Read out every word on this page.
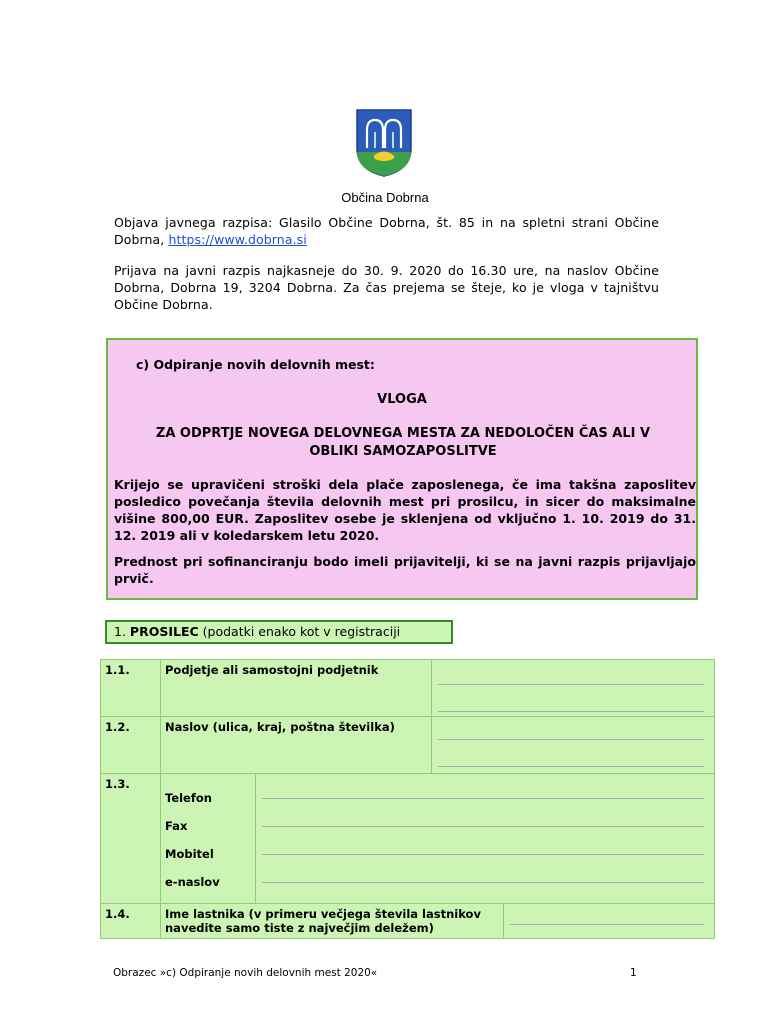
Občina Dobrna
Objava javnega razpisa: Glasilo Občine Dobrna, št. 85 in na spletni strani Občine Dobrna, https://www.dobrna.si
Prijava na javni razpis najkasneje do 30. 9. 2020 do 16.30 ure, na naslov Občine Dobrna, Dobrna 19, 3204 Dobrna. Za čas prejema se šteje, ko je vloga v tajništvu Občine Dobrna.
c) Odpiranje novih delovnih mest:
VLOGA
ZA ODPRTJE NOVEGA DELOVNEGA MESTA ZA NEDOLOČEN ČAS ALI V OBLIKI SAMOZAPOSLITVE
Krijejo se upravičeni stroški dela plače zaposlenega, če ima takšna zaposlitev posledico povečanja števila delovnih mest pri prosilcu, in sicer do maksimalne višine 800,00 EUR. Zaposlitev osebe je sklenjena od vključno 1. 10. 2019 do 31. 12. 2019 ali v koledarskem letu 2020.
Prednost pri sofinanciranju bodo imeli prijavitelji, ki se na javni razpis prijavljajo prvič.
1. PROSILEC (podatki enako kot v registraciji
1.1.	Podjetje ali samostojni podjetnik			

1.2.	Naslov (ulica, kraj, poštna številka)			

1.3.	Telefon
Fax
Mobitel
e-naslov			

1.4.	Ime lastnika (v primeru večjega števila lastnikov navedite samo tiste z največjim deležem)			
Obrazec »c) Odpiranje novih delovnih mest 2020«	1
